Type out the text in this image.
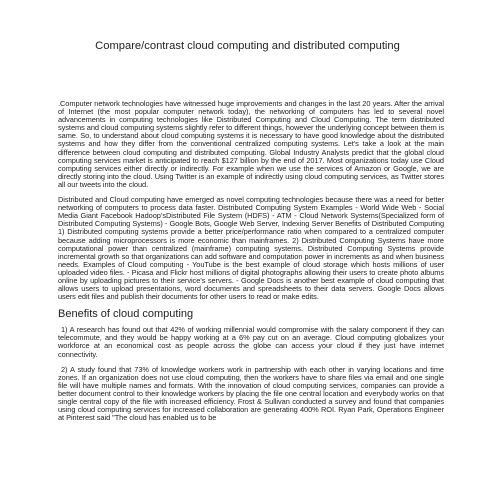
Compare/contrast cloud computing and distributed computing

.Computer network technologies have witnessed huge improvements and changes in the last 20 years. After the arrival of Internet (the most popular computer network today), the networking of computers has led to several novel advancements in computing technologies like Distributed Computing and Cloud Computing. The term distributed systems and cloud computing systems slightly refer to different things, however the underlying concept between them is same. So, to understand about cloud computing systems it is necessary to have good knowledge about the distributed systems and how they differ from the conventional centralized computing systems. Let’s take a look at the main difference between cloud computing and distributed computing. Global Industry Analysts predict that the global cloud computing services market is anticipated to reach $127 billion by the end of 2017. Most organizations today use Cloud computing services either directly or indirectly. For example when we use the services of Amazon or Google, we are directly storing into the cloud. Using Twitter is an example of indirectly using cloud computing services, as Twitter stores all our tweets into the cloud.

Distributed and Cloud computing have emerged as novel computing technologies because there was a need for better networking of computers to process data faster. Distributed Computing System Examples - World Wide Web - Social Media Giant Facebook Hadoop’sDistributed File System (HDFS) - ATM - Cloud Network Systems(Specialized form of Distributed Computing Systems) - Google Bots, Google Web Server, Indexing Server Benefits of Distributed Computing 1) Distributed computing systems provide a better price/performance ratio when compared to a centralized computer because adding microprocessors is more economic than mainframes. 2) Distributed Computing Systems have more computational power than centralized (mainframe) computing systems. Distributed Computing Systems provide incremental growth so that organizations can add software and computation power in increments as and when business needs. Examples of Cloud computing - YouTube is the best example of cloud storage which hosts millions of user uploaded video files. - Picasa and Flickr host millions of digital photographs allowing their users to create photo albums online by uploading pictures to their service’s servers. - Google Docs is another best example of cloud computing that allows users to upload presentations, word documents and spreadsheets to their data servers. Google Docs allows users edit files and publish their documents for other users to read or make edits.

Benefits of cloud computing

1) A research has found out that 42% of working millennial would compromise with the salary component if they can telecommute, and they would be happy working at a 6% pay cut on an average. Cloud computing globalizes your workforce at an economical cost as people across the globe can access your cloud if they just have internet connectivity.

2) A study found that 73% of knowledge workers work in partnership with each other in varying locations and time zones. If an organization does not use cloud computing, then the workers have to share files via email and one single file will have multiple names and formats. With the innovation of cloud computing services, companies can provide a better document control to their knowledge workers by placing the file one central location and everybody works on that single central copy of the file with increased efficiency. Frost & Sullivan conducted a survey and found that companies using cloud computing services for increased collaboration are generating 400% ROI. Ryan Park, Operations Engineer at Pinterest said "The cloud has enabled us to be
